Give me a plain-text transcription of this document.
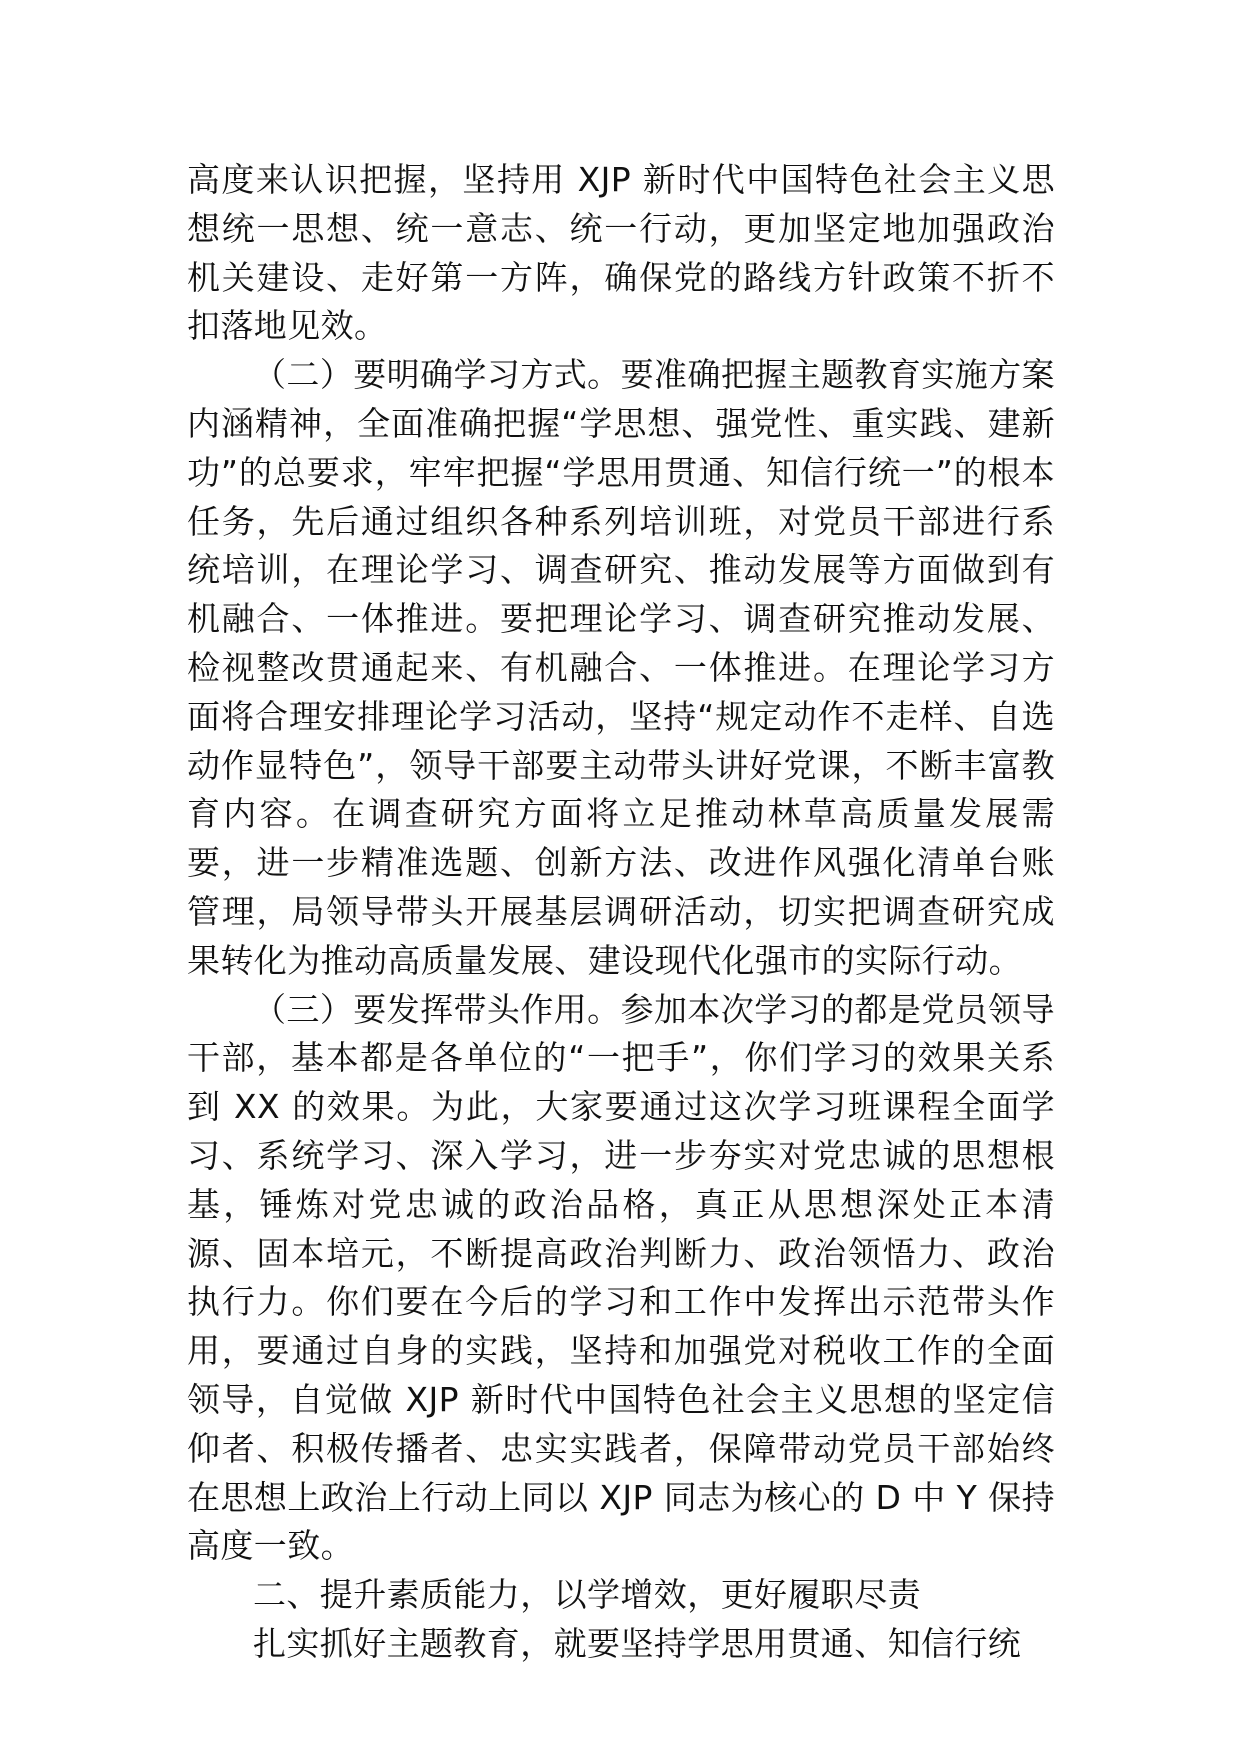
高度来认识把握，坚持用 XJP 新时代中国特色社会主义思想统一思想、统一意志、统一行动，更加坚定地加强政治机关建设、走好第一方阵，确保党的路线方针政策不折不扣落地见效。

（二）要明确学习方式。要准确把握主题教育实施方案内涵精神，全面准确把握“学思想、强党性、重实践、建新功”的总要求，牢牢把握“学思用贯通、知信行统一”的根本任务，先后通过组织各种系列培训班，对党员干部进行系统培训，在理论学习、调查研究、推动发展等方面做到有机融合、一体推进。要把理论学习、调查研究推动发展、检视整改贯通起来、有机融合、一体推进。在理论学习方面将合理安排理论学习活动，坚持“规定动作不走样、自选动作显特色”，领导干部要主动带头讲好党课，不断丰富教育内容。在调查研究方面将立足推动林草高质量发展需要，进一步精准选题、创新方法、改进作风强化清单台账管理，局领导带头开展基层调研活动，切实把调查研究成果转化为推动高质量发展、建设现代化强市的实际行动。

（三）要发挥带头作用。参加本次学习的都是党员领导干部，基本都是各单位的“一把手”，你们学习的效果关系到 XX 的效果。为此，大家要通过这次学习班课程全面学习、系统学习、深入学习，进一步夯实对党忠诚的思想根基，锤炼对党忠诚的政治品格，真正从思想深处正本清源、固本培元，不断提高政治判断力、政治领悟力、政治执行力。你们要在今后的学习和工作中发挥出示范带头作用，要通过自身的实践，坚持和加强党对税收工作的全面领导，自觉做 XJP 新时代中国特色社会主义思想的坚定信仰者、积极传播者、忠实实践者，保障带动党员干部始终在思想上政治上行动上同以 XJP 同志为核心的 D 中 Y 保持高度一致。

二、提升素质能力，以学增效，更好履职尽责

扎实抓好主题教育，就要坚持学思用贯通、知信行统
